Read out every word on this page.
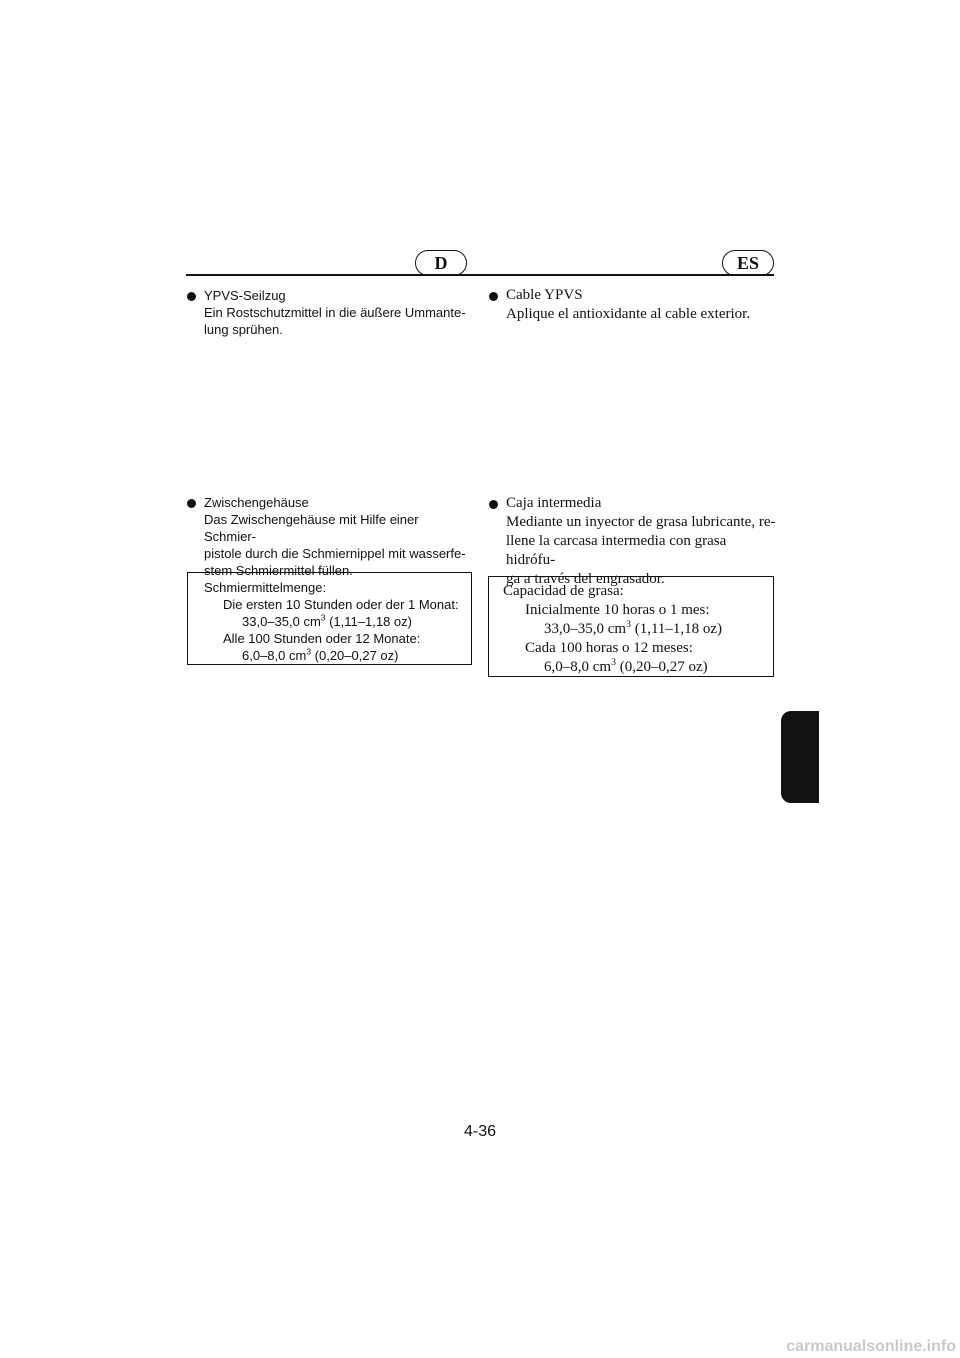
D	ES
YPVS-Seilzug
Ein Rostschutzmittel in die äußere Ummante-
lung sprühen.
Cable YPVS
Aplique el antioxidante al cable exterior.
Zwischengehäuse
Das Zwischengehäuse mit Hilfe einer Schmier-
pistole durch die Schmiernippel mit wasserfe-
stem Schmiermittel füllen.
Caja intermedia
Mediante un inyector de grasa lubricante, re-
llene la carcasa intermedia con grasa hidrófu-
ga a través del engrasador.
Schmiermittelmenge:
Die ersten 10 Stunden oder der 1 Monat:
33,0–35,0 $cm^3$ (1,11–1,18 oz)
Alle 100 Stunden oder 12 Monate:
6,0–8,0 $cm^3$ (0,20–0,27 oz)
Capacidad de grasa:
Inicialmente 10 horas o 1 mes:
33,0–35,0 $cm^3$ (1,11–1,18 oz)
Cada 100 horas o 12 meses:
6,0–8,0 $cm^3$ (0,20–0,27 oz)
4-36
carmanualsonline.info
